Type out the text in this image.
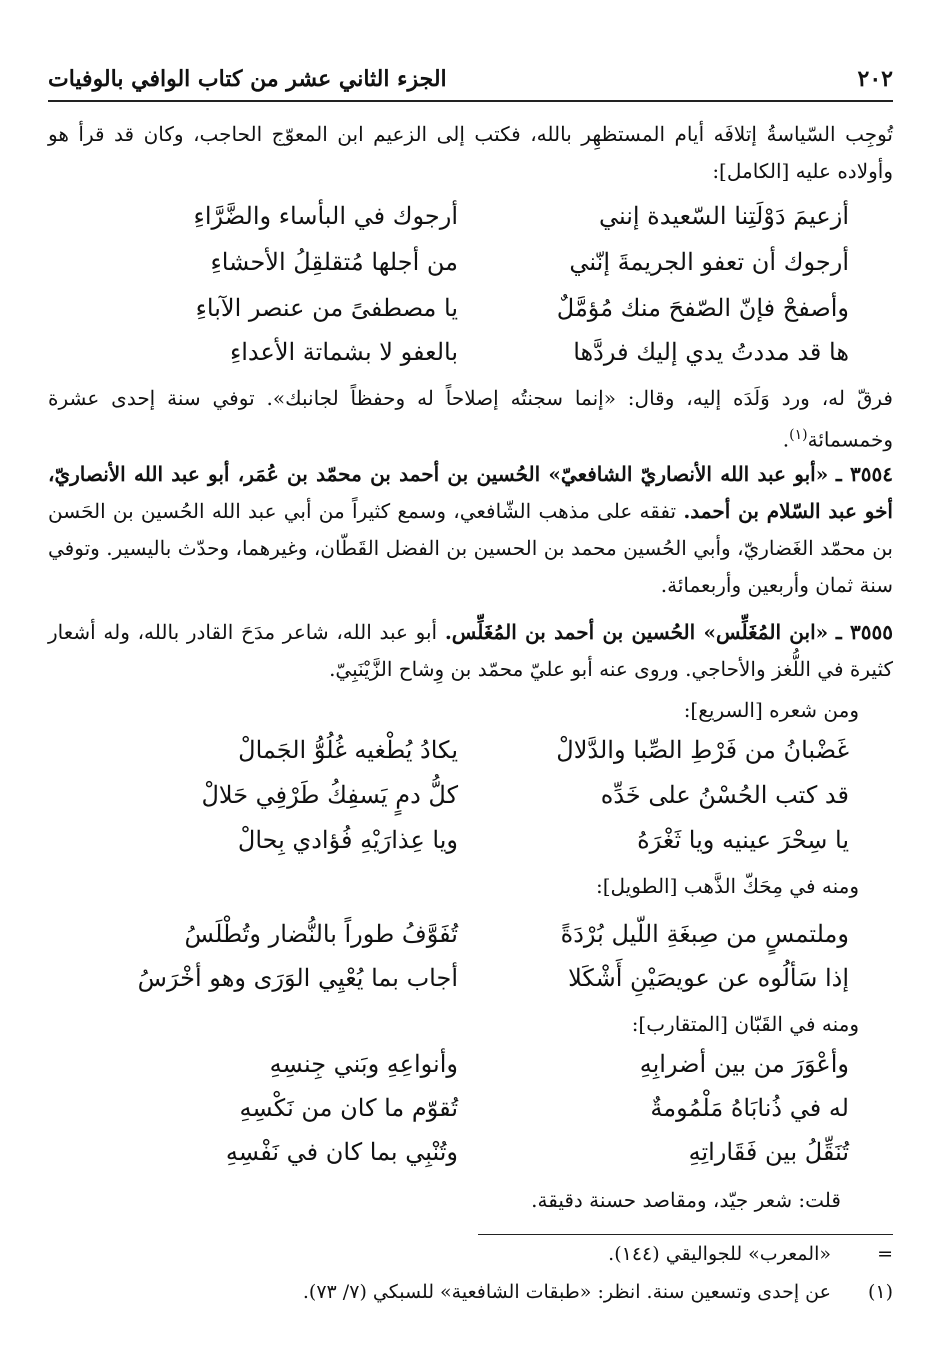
٢٠٢
الجزء الثاني عشر من كتاب الوافي بالوفيات

تُوجِب السّياسةُ إتلافَه أيام المستظهِر بالله، فكتب إلى الزعيم ابن المعوّج الحاجب، وكان قد قرأ هو وأولاده عليه [الكامل]:

أزعيمَ دَوْلَتِنا السّعيدة إنني
أرجوك في البأساء والضَّرَّاءِ
أرجوك أن تعفو الجريمةَ إنّني
من أجلها مُتقلقِلُ الأحشاءِ
وأصفحْ فإنّ الصّفحَ منك مُؤمَّلٌ
يا مصطفىً من عنصر الآباءِ
ها قد مددتُ يدي إليك فردَّها
بالعفو لا بشماتة الأعداءِ

فرقّ له، ورد وَلَدَه إليه، وقال: «إنما سجنتُه إصلاحاً له وحفظاً لجانبك». توفي سنة إحدى عشرة وخمسمائة$^{(١)}$.

٣٥٥٤ ـ «أبو عبد الله الأنصاريّ الشافعيّ» الحُسين بن أحمد بن محمّد بن عُمَر، أبو عبد الله الأنصاريّ، أخو عبد السّلام بن أحمد. تفقه على مذهب الشّافعي، وسمع كثيراً من أبي عبد الله الحُسين بن الحَسن بن محمّد الغَضاريّ، وأبي الحُسين محمد بن الحسين بن الفضل القَطّان، وغيرهما، وحدّث باليسير. وتوفي سنة ثمان وأربعين وأربعمائة.

٣٥٥٥ ـ «ابن المُغَلِّس» الحُسين بن أحمد بن المُغَلِّس. أبو عبد الله، شاعر مدَحَ القادر بالله، وله أشعار كثيرة في اللُّغز والأحاجي. وروى عنه أبو عليّ محمّد بن وِشاح الزَّيْنَبِيّ.

ومن شعره [السريع]:

غَضْبانُ من فَرْطِ الصِّبا والدَّلالْ
يكادُ يُطْغيه غُلُوُّ الجَمالْ
قد كتب الحُسْنُ على خَدِّه
كلُّ دمٍ يَسفِكُ طَرْفِي حَلالْ
يا سِحْرَ عينيه ويا ثَغْرَهُ
ويا عِذارَيْهِ فُؤادي بِحالْ

ومنه في مِحَكّ الذَّهب [الطويل]:

وملتمسٍ من صِبغَةِ اللّيل بُرْدَةً
تُفَوَّفُ طوراً بالنُّضار وتُطْلَسُ
إذا سَألُوه عن عويصَيْنِ أَشْكَلا
أجاب بما يُعْيِي الوَرَى وهو أخْرَسُ

ومنه في القَبّان [المتقارب]:

وأعْوَرَ من بين أضرابِهِ
وأنواعِهِ وبَني جِنسِهِ
له في ذُنابَاهُ مَلْمُومةٌ
تُقوّم ما كان من نَكْسِهِ
تُنَقِّلُ بين فَقَاراتِهِ
وتُنْبِي بما كان في نَفْسِهِ

قلت: شعر جيّد، ومقاصد حسنة دقيقة.

=
«المعرب» للجواليقي (١٤٤).
(١)
عن إحدى وتسعين سنة. انظر: «طبقات الشافعية» للسبكي (٧/ ٧٣).
